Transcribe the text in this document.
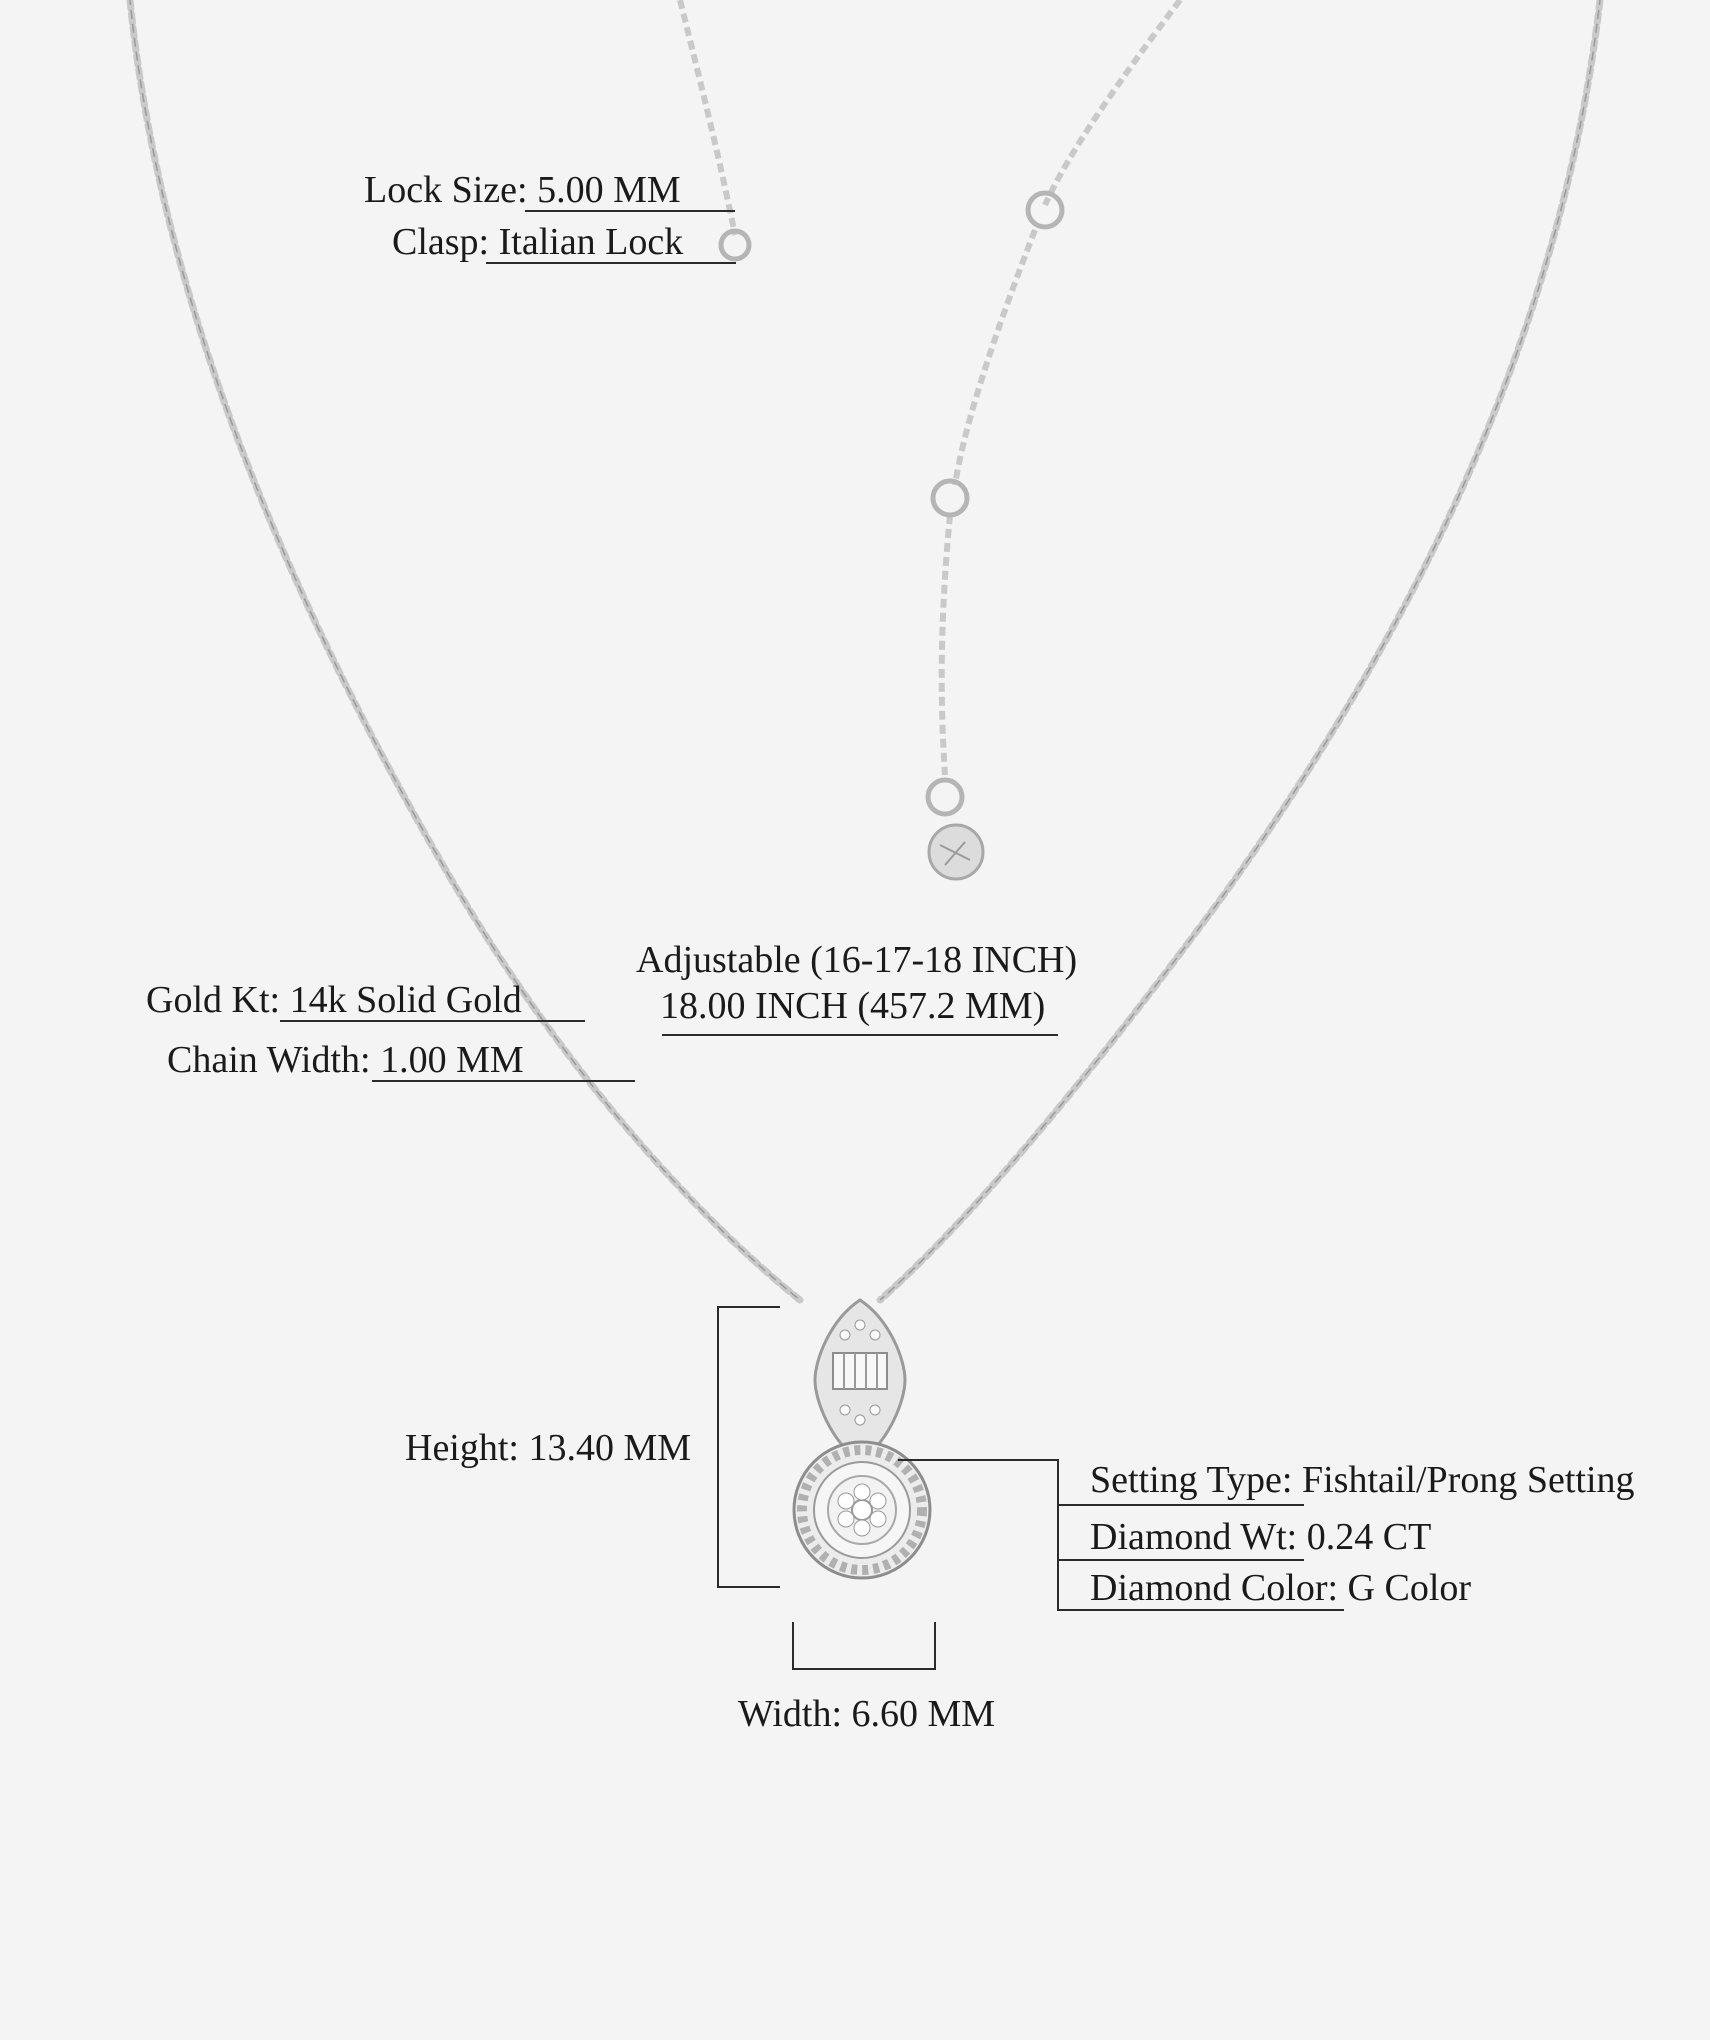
Lock Size: 5.00 MM
Clasp: Italian Lock
Adjustable (16-17-18 INCH)
18.00 INCH (457.2 MM)
Gold Kt: 14k Solid Gold
Chain Width: 1.00 MM
Height: 13.40 MM
Width: 6.60 MM
Setting Type: Fishtail/Prong Setting
Diamond Wt: 0.24 CT
Diamond Color: G Color
